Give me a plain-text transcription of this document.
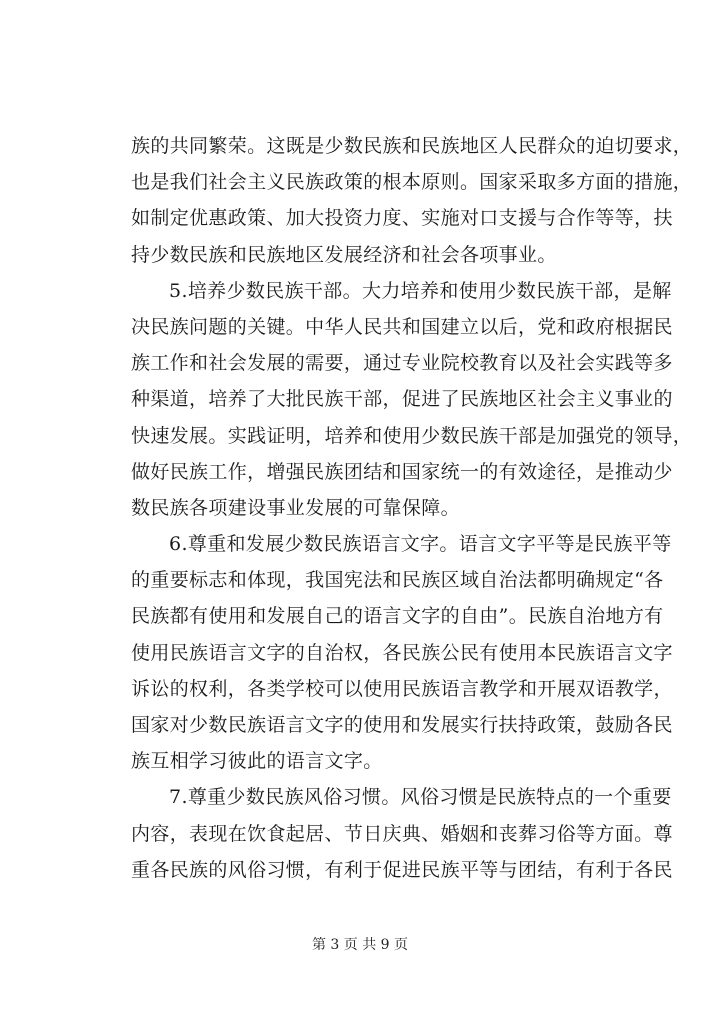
族的共同繁荣。这既是少数民族和民族地区人民群众的迫切要求，
也是我们社会主义民族政策的根本原则。国家采取多方面的措施，
如制定优惠政策、加大投资力度、实施对口支援与合作等等，扶
持少数民族和民族地区发展经济和社会各项事业。
5.培养少数民族干部。大力培养和使用少数民族干部，是解
决民族问题的关键。中华人民共和国建立以后，党和政府根据民
族工作和社会发展的需要，通过专业院校教育以及社会实践等多
种渠道，培养了大批民族干部，促进了民族地区社会主义事业的
快速发展。实践证明，培养和使用少数民族干部是加强党的领导，
做好民族工作，增强民族团结和国家统一的有效途径，是推动少
数民族各项建设事业发展的可靠保障。
6.尊重和发展少数民族语言文字。语言文字平等是民族平等
的重要标志和体现，我国宪法和民族区域自治法都明确规定“各
民族都有使用和发展自己的语言文字的自由”。民族自治地方有
使用民族语言文字的自治权，各民族公民有使用本民族语言文字
诉讼的权利，各类学校可以使用民族语言教学和开展双语教学，
国家对少数民族语言文字的使用和发展实行扶持政策，鼓励各民
族互相学习彼此的语言文字。
7.尊重少数民族风俗习惯。风俗习惯是民族特点的一个重要
内容，表现在饮食起居、节日庆典、婚姻和丧葬习俗等方面。尊
重各民族的风俗习惯，有利于促进民族平等与团结，有利于各民
第 3 页 共 9 页
